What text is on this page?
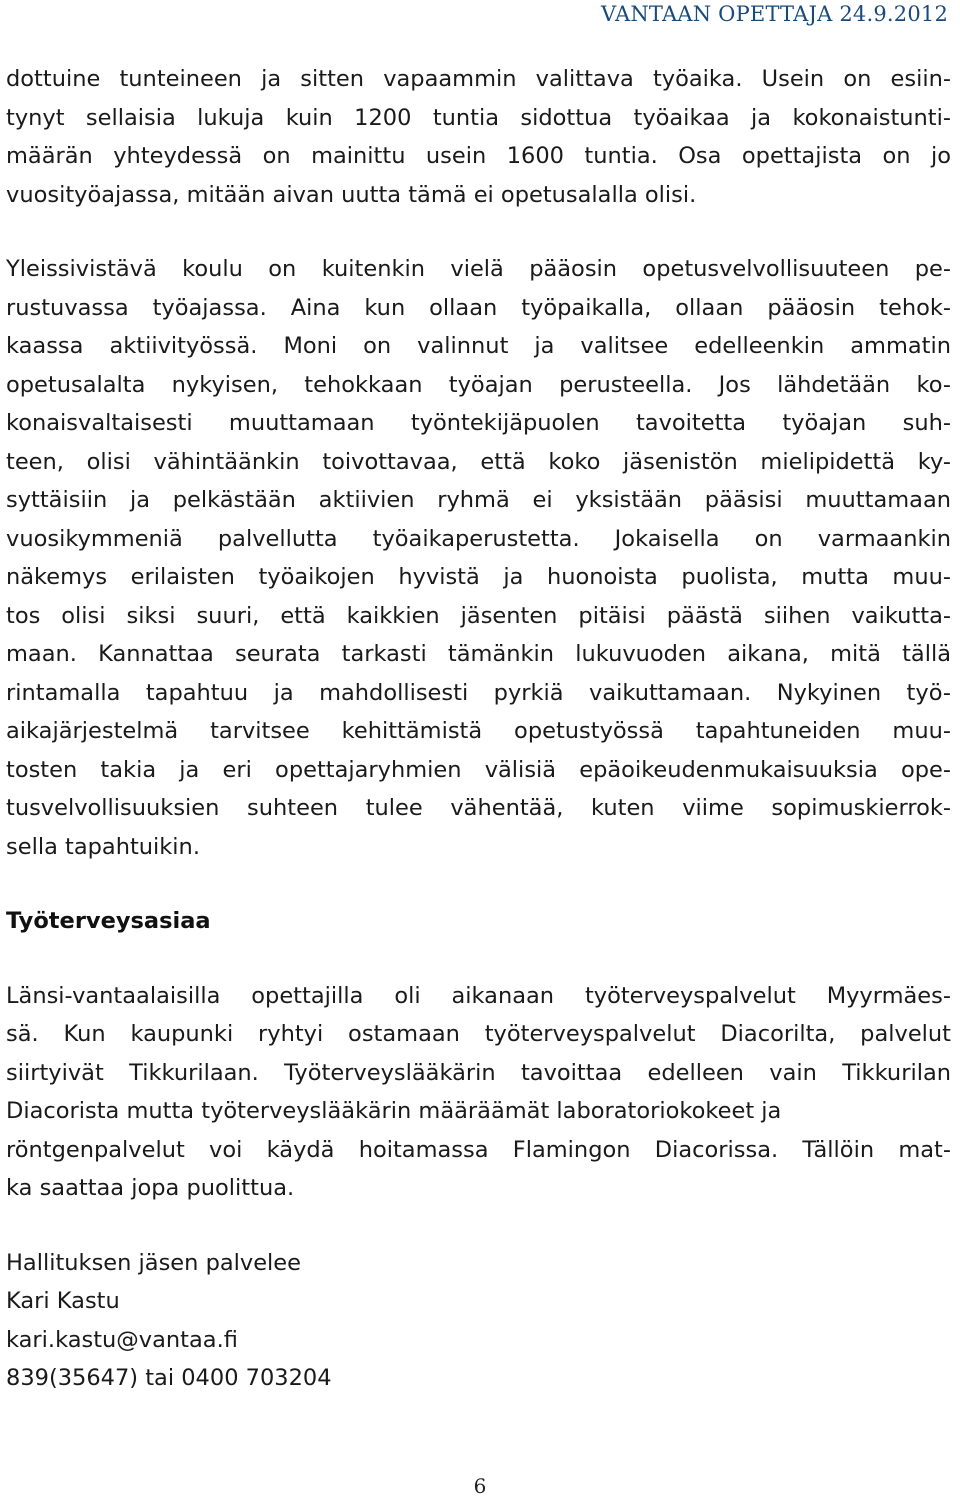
VANTAAN OPETTAJA 24.9.2012
dottuine tunteineen ja sitten vapaammin valittava työaika. Usein on esiin-
tynyt sellaisia lukuja kuin 1200 tuntia sidottua työaikaa ja kokonaistunti-
määrän yhteydessä on mainittu usein 1600 tuntia. Osa opettajista on jo
vuosityöajassa, mitään aivan uutta tämä ei opetusalalla olisi.
Yleissivistävä koulu on kuitenkin vielä pääosin opetusvelvollisuuteen pe-
rustuvassa työajassa. Aina kun ollaan työpaikalla, ollaan pääosin tehok-
kaassa aktiivityössä. Moni on valinnut ja valitsee edelleenkin ammatin
opetusalalta nykyisen, tehokkaan työajan perusteella. Jos lähdetään ko-
konaisvaltaisesti muuttamaan työntekijäpuolen tavoitetta työajan suh-
teen, olisi vähintäänkin toivottavaa, että koko jäsenistön mielipidettä ky-
syttäisiin ja pelkästään aktiivien ryhmä ei yksistään pääsisi muuttamaan
vuosikymmeniä palvellutta työaikaperustetta. Jokaisella on varmaankin
näkemys erilaisten työaikojen hyvistä ja huonoista puolista, mutta muu-
tos olisi siksi suuri, että kaikkien jäsenten pitäisi päästä siihen vaikutta-
maan. Kannattaa seurata tarkasti tämänkin lukuvuoden aikana, mitä tällä
rintamalla tapahtuu ja mahdollisesti pyrkiä vaikuttamaan. Nykyinen työ-
aikajärjestelmä tarvitsee kehittämistä opetustyössä tapahtuneiden muu-
tosten takia ja eri opettajaryhmien välisiä epäoikeudenmukaisuuksia ope-
tusvelvollisuuksien suhteen tulee vähentää, kuten viime sopimuskierrok-
sella tapahtuikin.
Työterveysasiaa
Länsi-vantaalaisilla opettajilla oli aikanaan työterveyspalvelut Myyrmäes-
sä. Kun kaupunki ryhtyi ostamaan työterveyspalvelut Diacorilta, palvelut
siirtyivät Tikkurilaan. Työterveyslääkärin tavoittaa edelleen vain Tikkurilan
Diacorista mutta työterveyslääkärin määräämät laboratoriokokeet ja
röntgenpalvelut voi käydä hoitamassa Flamingon Diacorissa. Tällöin mat-
ka saattaa jopa puolittua.
Hallituksen jäsen palvelee
Kari Kastu
kari.kastu@vantaa.fi
839(35647) tai 0400 703204
6
